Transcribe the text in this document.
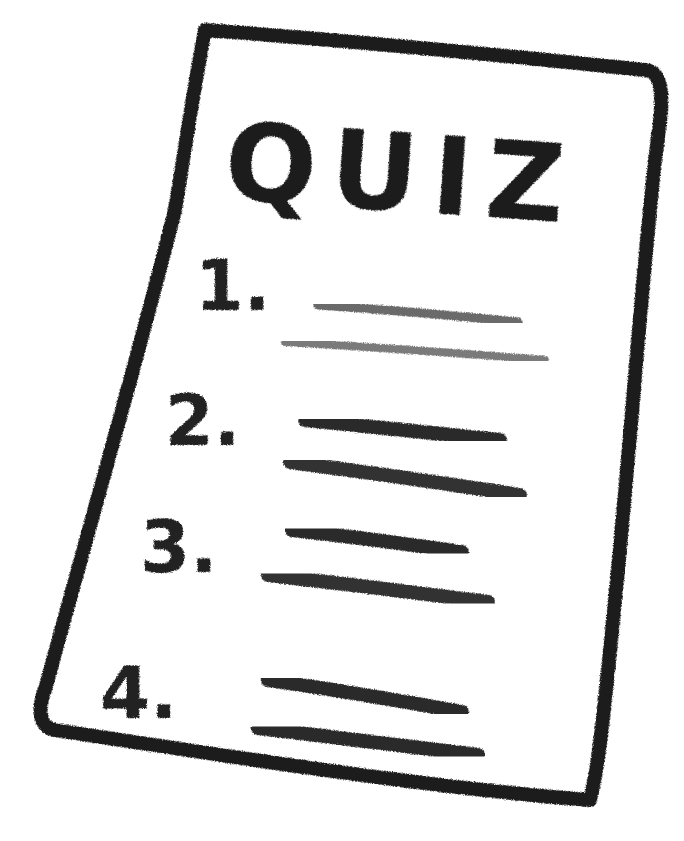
QUIZ
1.
2.
3.
4.
